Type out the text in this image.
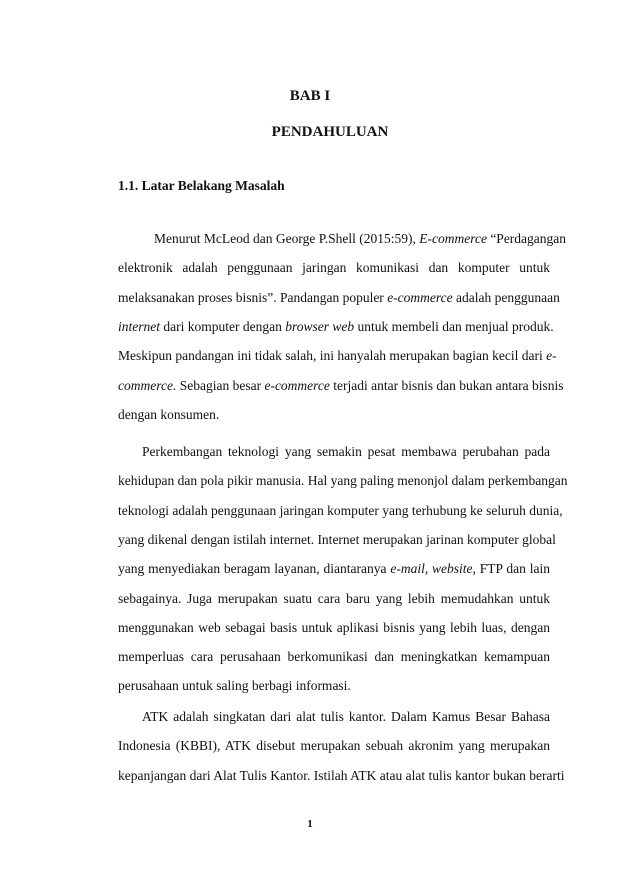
BAB I
PENDAHULUAN
1.1. Latar Belakang Masalah
Menurut McLeod dan George P.Shell (2015:59), E-commerce “Perdagangan
elektronik adalah penggunaan jaringan komunikasi dan komputer untuk
melaksanakan proses bisnis”. Pandangan populer e-commerce adalah penggunaan
internet dari komputer dengan browser web untuk membeli dan menjual produk.
Meskipun pandangan ini tidak salah, ini hanyalah merupakan bagian kecil dari e-
commerce. Sebagian besar e-commerce terjadi antar bisnis dan bukan antara bisnis
dengan konsumen.
Perkembangan teknologi yang semakin pesat membawa perubahan pada
kehidupan dan pola pikir manusia. Hal yang paling menonjol dalam perkembangan
teknologi adalah penggunaan jaringan komputer yang terhubung ke seluruh dunia,
yang dikenal dengan istilah internet. Internet merupakan jarinan komputer global
yang menyediakan beragam layanan, diantaranya e-mail, website, FTP dan lain
sebagainya. Juga merupakan suatu cara baru yang lebih memudahkan untuk
menggunakan web sebagai basis untuk aplikasi bisnis yang lebih luas, dengan
memperluas cara perusahaan berkomunikasi dan meningkatkan kemampuan
perusahaan untuk saling berbagi informasi.
ATK adalah singkatan dari alat tulis kantor. Dalam Kamus Besar Bahasa
Indonesia (KBBI), ATK disebut merupakan sebuah akronim yang merupakan
kepanjangan dari Alat Tulis Kantor. Istilah ATK atau alat tulis kantor bukan berarti
1
